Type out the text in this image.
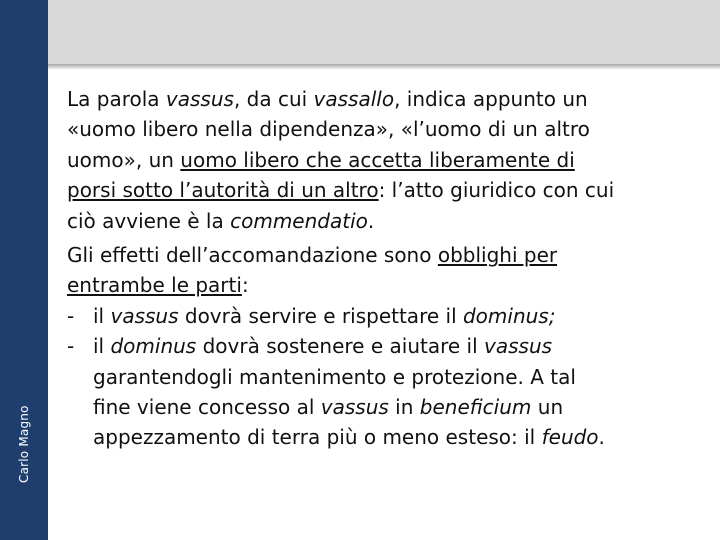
Carlo Magno
La parola vassus, da cui vassallo, indica appunto un
«uomo libero nella dipendenza», «l’uomo di un altro
uomo», un uomo libero che accetta liberamente di
porsi sotto l’autorità di un altro: l’atto giuridico con cui
ciò avviene è la commendatio.
Gli effetti dell’accomandazione sono obblighi per
entrambe le parti:
- il vassus dovrà servire e rispettare il dominus;
- il dominus dovrà sostenere e aiutare il vassus
garantendogli mantenimento e protezione. A tal
fine viene concesso al vassus in beneficium un
appezzamento di terra più o meno esteso: il feudo.
